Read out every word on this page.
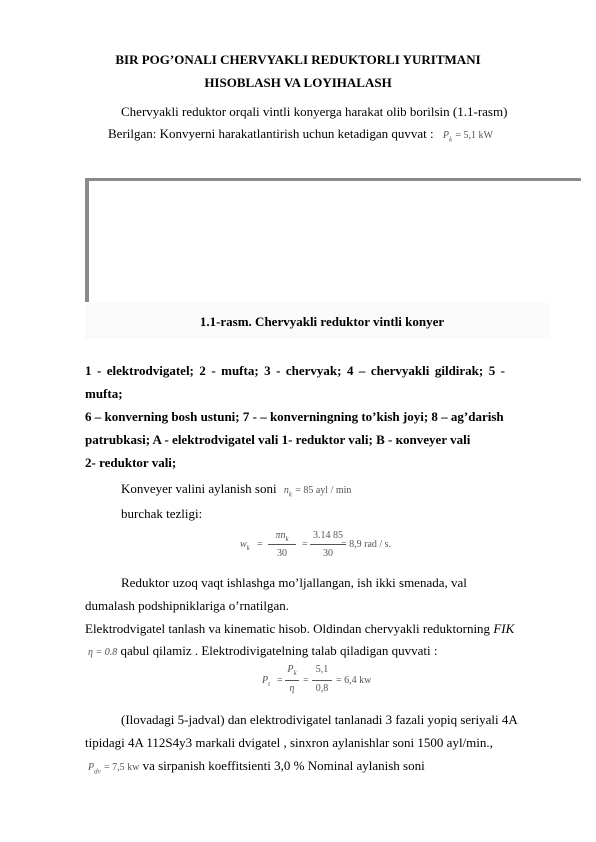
BIR POG’ONALI CHERVYAKLI REDUKTORLI YURITMANI
HISOBLASH VA LOYIHALASH
Chervyakli reduktor orqali vintli konyerga harakat olib borilsin (1.1-rasm)
Berilgan: Konvyerni harakatlantirish uchun ketadigan quvvat : $P_k = 5,1$ kW
1.1-rasm. Chervyakli reduktor vintli konyer
1 - elektrodvigatel; 2 - mufta; 3 - chervyak; 4 – chervyakli gildirak; 5 -
mufta;
6 – konverning bosh ustuni; 7 - – konverningning to’kish joyi; 8 – ag’darish
patrubkasi; A - elektrodvigatel vali 1- reduktor vali; B - кonveyer vali
2- reduktor vali;
Konveyer valini aylanish soni $n_k = 85$ ayl / min
burchak tezligi:
$w_k$ =
$\pi n_k$
30
=
3.14 85
30
= 8,9 rad / s.
Reduktor uzoq vaqt ishlashga mo’ljallangan, ish ikki smenada, val
dumalash podshipniklariga o’rnatilgan.
Elektrodvigatel tanlash va kinematic hisob. Oldindan chervyakli reduktorning FIK
η = 0.8 qabul qilamiz . Elektrodivigatelning talab qiladigan quvvati :
$P_t$ =
$P_k$
η
=
5,1
0,8
= 6,4 kw
(Ilovadagi 5-jadval) dan elektrodivigatel tanlanadi 3 fazali yopiq seriyali 4A
tipidagi 4A 112S4y3 markali dvigatel , sinxron aylanishlar soni 1500 ayl/min.,
$P_{dv} = 7,5$ kw va sirpanish koeffitsienti 3,0 % Nominal aylanish soni
